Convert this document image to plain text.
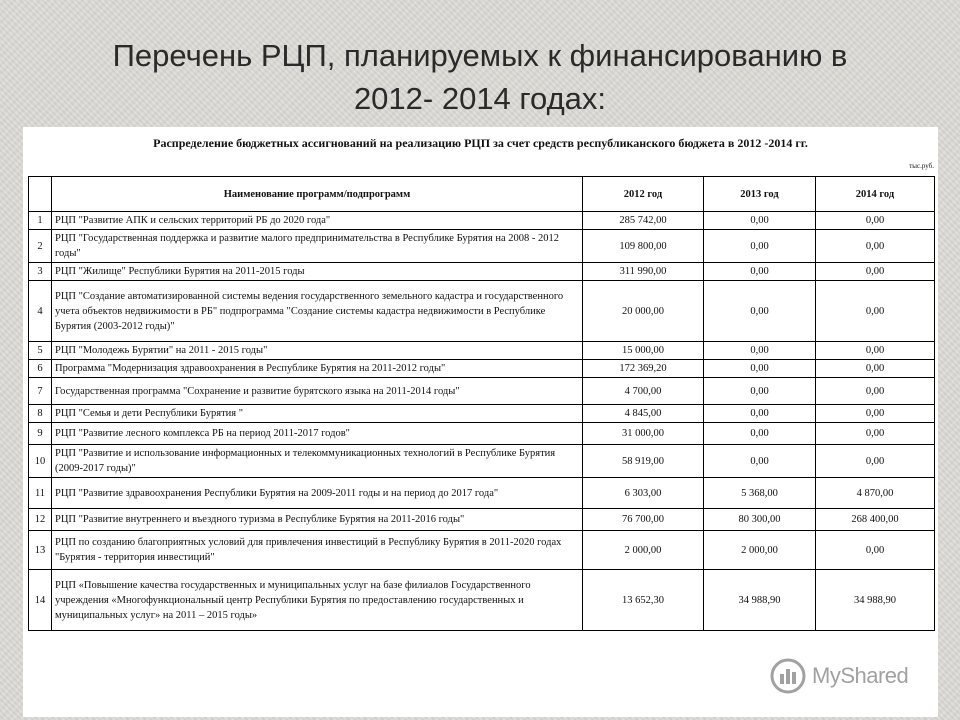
Перечень РЦП, планируемых к финансированию в
2012- 2014 годах:
Распределение бюджетных ассигнований на реализацию РЦП за счет средств республиканского бюджета в 2012 -2014 гг.
тыс.руб.
	Наименование программ/подпрограмм	2012 год	2013 год	2014 год
1	РЦП "Развитие АПК и сельских территорий РБ до 2020 года"	285 742,00	0,00	0,00
2	РЦП "Государственная поддержка и развитие малого предпринимательства в Республике Бурятия на 2008 - 2012 годы"	109 800,00	0,00	0,00
3	РЦП "Жилище" Республики Бурятия на 2011-2015 годы	311 990,00	0,00	0,00
4	РЦП "Создание автоматизированной системы ведения государственного земельного кадастра и государственного учета объектов недвижимости в РБ" подпрограмма "Создание системы кадастра недвижимости в Республике Бурятия (2003-2012 годы)"	20 000,00	0,00	0,00
5	РЦП "Молодежь Бурятии" на 2011 - 2015 годы"	15 000,00	0,00	0,00
6	Программа "Модернизация здравоохранения в Республике Бурятия на 2011-2012 годы"	172 369,20	0,00	0,00
7	Государственная программа "Сохранение и развитие бурятского языка на 2011-2014 годы"	4 700,00	0,00	0,00
8	РЦП "Семья и дети Республики Бурятия "	4 845,00	0,00	0,00
9	РЦП "Развитие лесного комплекса РБ на период 2011-2017 годов"	31 000,00	0,00	0,00
10	РЦП "Развитие и использование информационных и телекоммуникационных технологий в Республике Бурятия (2009-2017 годы)"	58 919,00	0,00	0,00
11	РЦП "Развитие здравоохранения Республики Бурятия на 2009-2011 годы и на период до 2017 года"	6 303,00	5 368,00	4 870,00
12	РЦП "Развитие внутреннего и въездного туризма в Республике Бурятия на 2011-2016 годы"	76 700,00	80 300,00	268 400,00
13	РЦП по созданию благоприятных условий для привлечения инвестиций в Республику Бурятия в 2011-2020 годах "Бурятия - территория инвестиций"	2 000,00	2 000,00	0,00
14	РЦП «Повышение качества государственных и муниципальных услуг на базе филиалов Государственного учреждения «Многофункциональный центр Республики Бурятия по предоставлению государственных и муниципальных услуг» на 2011 – 2015 годы»	13 652,30	34 988,90	34 988,90
MyShared
